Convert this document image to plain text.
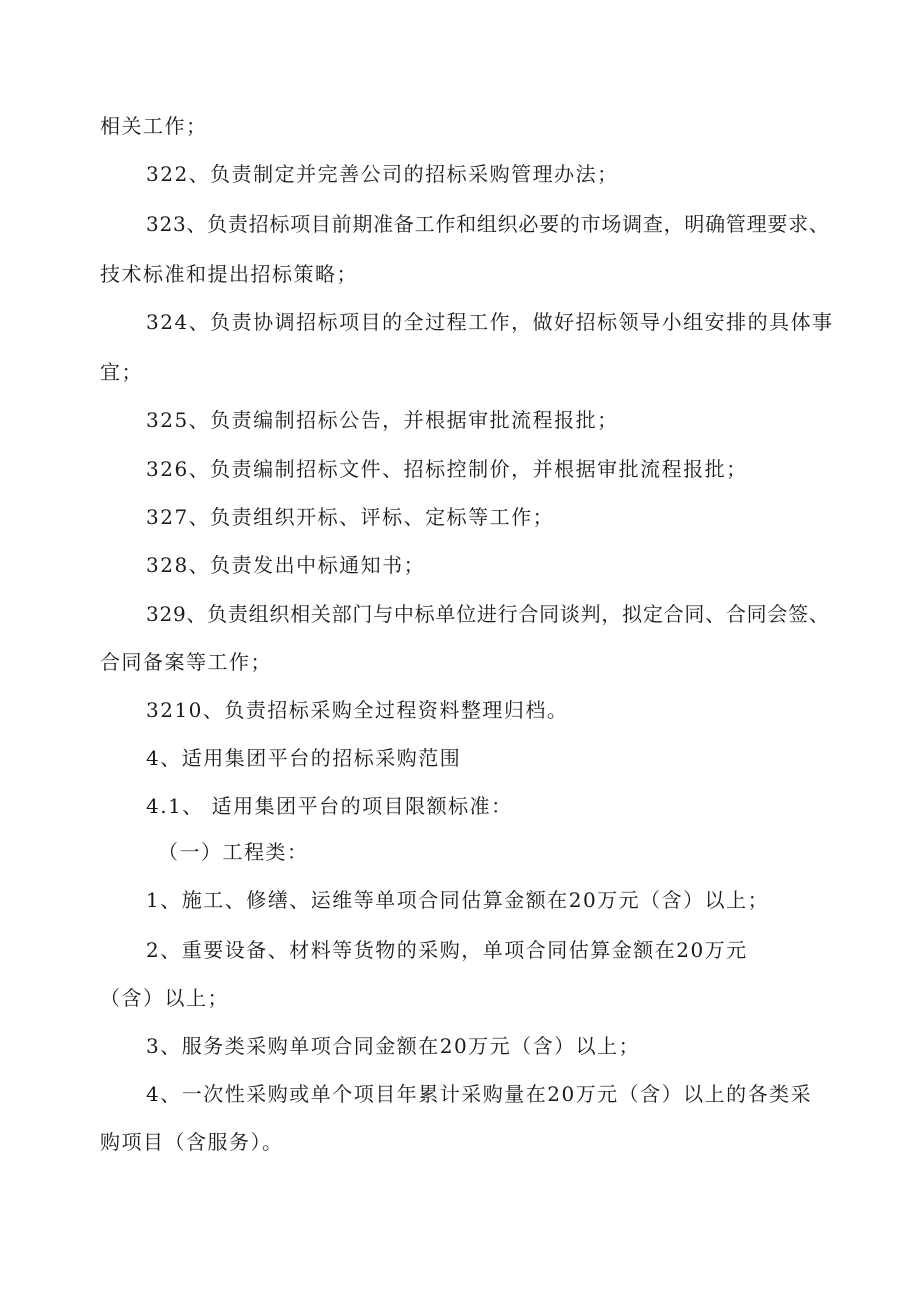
相关工作；

322、负责制定并完善公司的招标采购管理办法；

323、负责招标项目前期准备工作和组织必要的市场调查，明确管理要求、

技术标准和提出招标策略；

324、负责协调招标项目的全过程工作，做好招标领导小组安排的具体事

宜；

325、负责编制招标公告，并根据审批流程报批；

326、负责编制招标文件、招标控制价，并根据审批流程报批；

327、负责组织开标、评标、定标等工作；

328、负责发出中标通知书；

329、负责组织相关部门与中标单位进行合同谈判，拟定合同、合同会签、

合同备案等工作；

3210、负责招标采购全过程资料整理归档。

4、适用集团平台的招标采购范围

4.1、 适用集团平台的项目限额标准：

（一）工程类：

1、施工、修缮、运维等单项合同估算金额在20万元（含）以上；

2、重要设备、材料等货物的采购，单项合同估算金额在20万元

（含）以上；

3、服务类采购单项合同金额在20万元（含）以上；

4、一次性采购或单个项目年累计采购量在20万元（含）以上的各类采

购项目（含服务）。
